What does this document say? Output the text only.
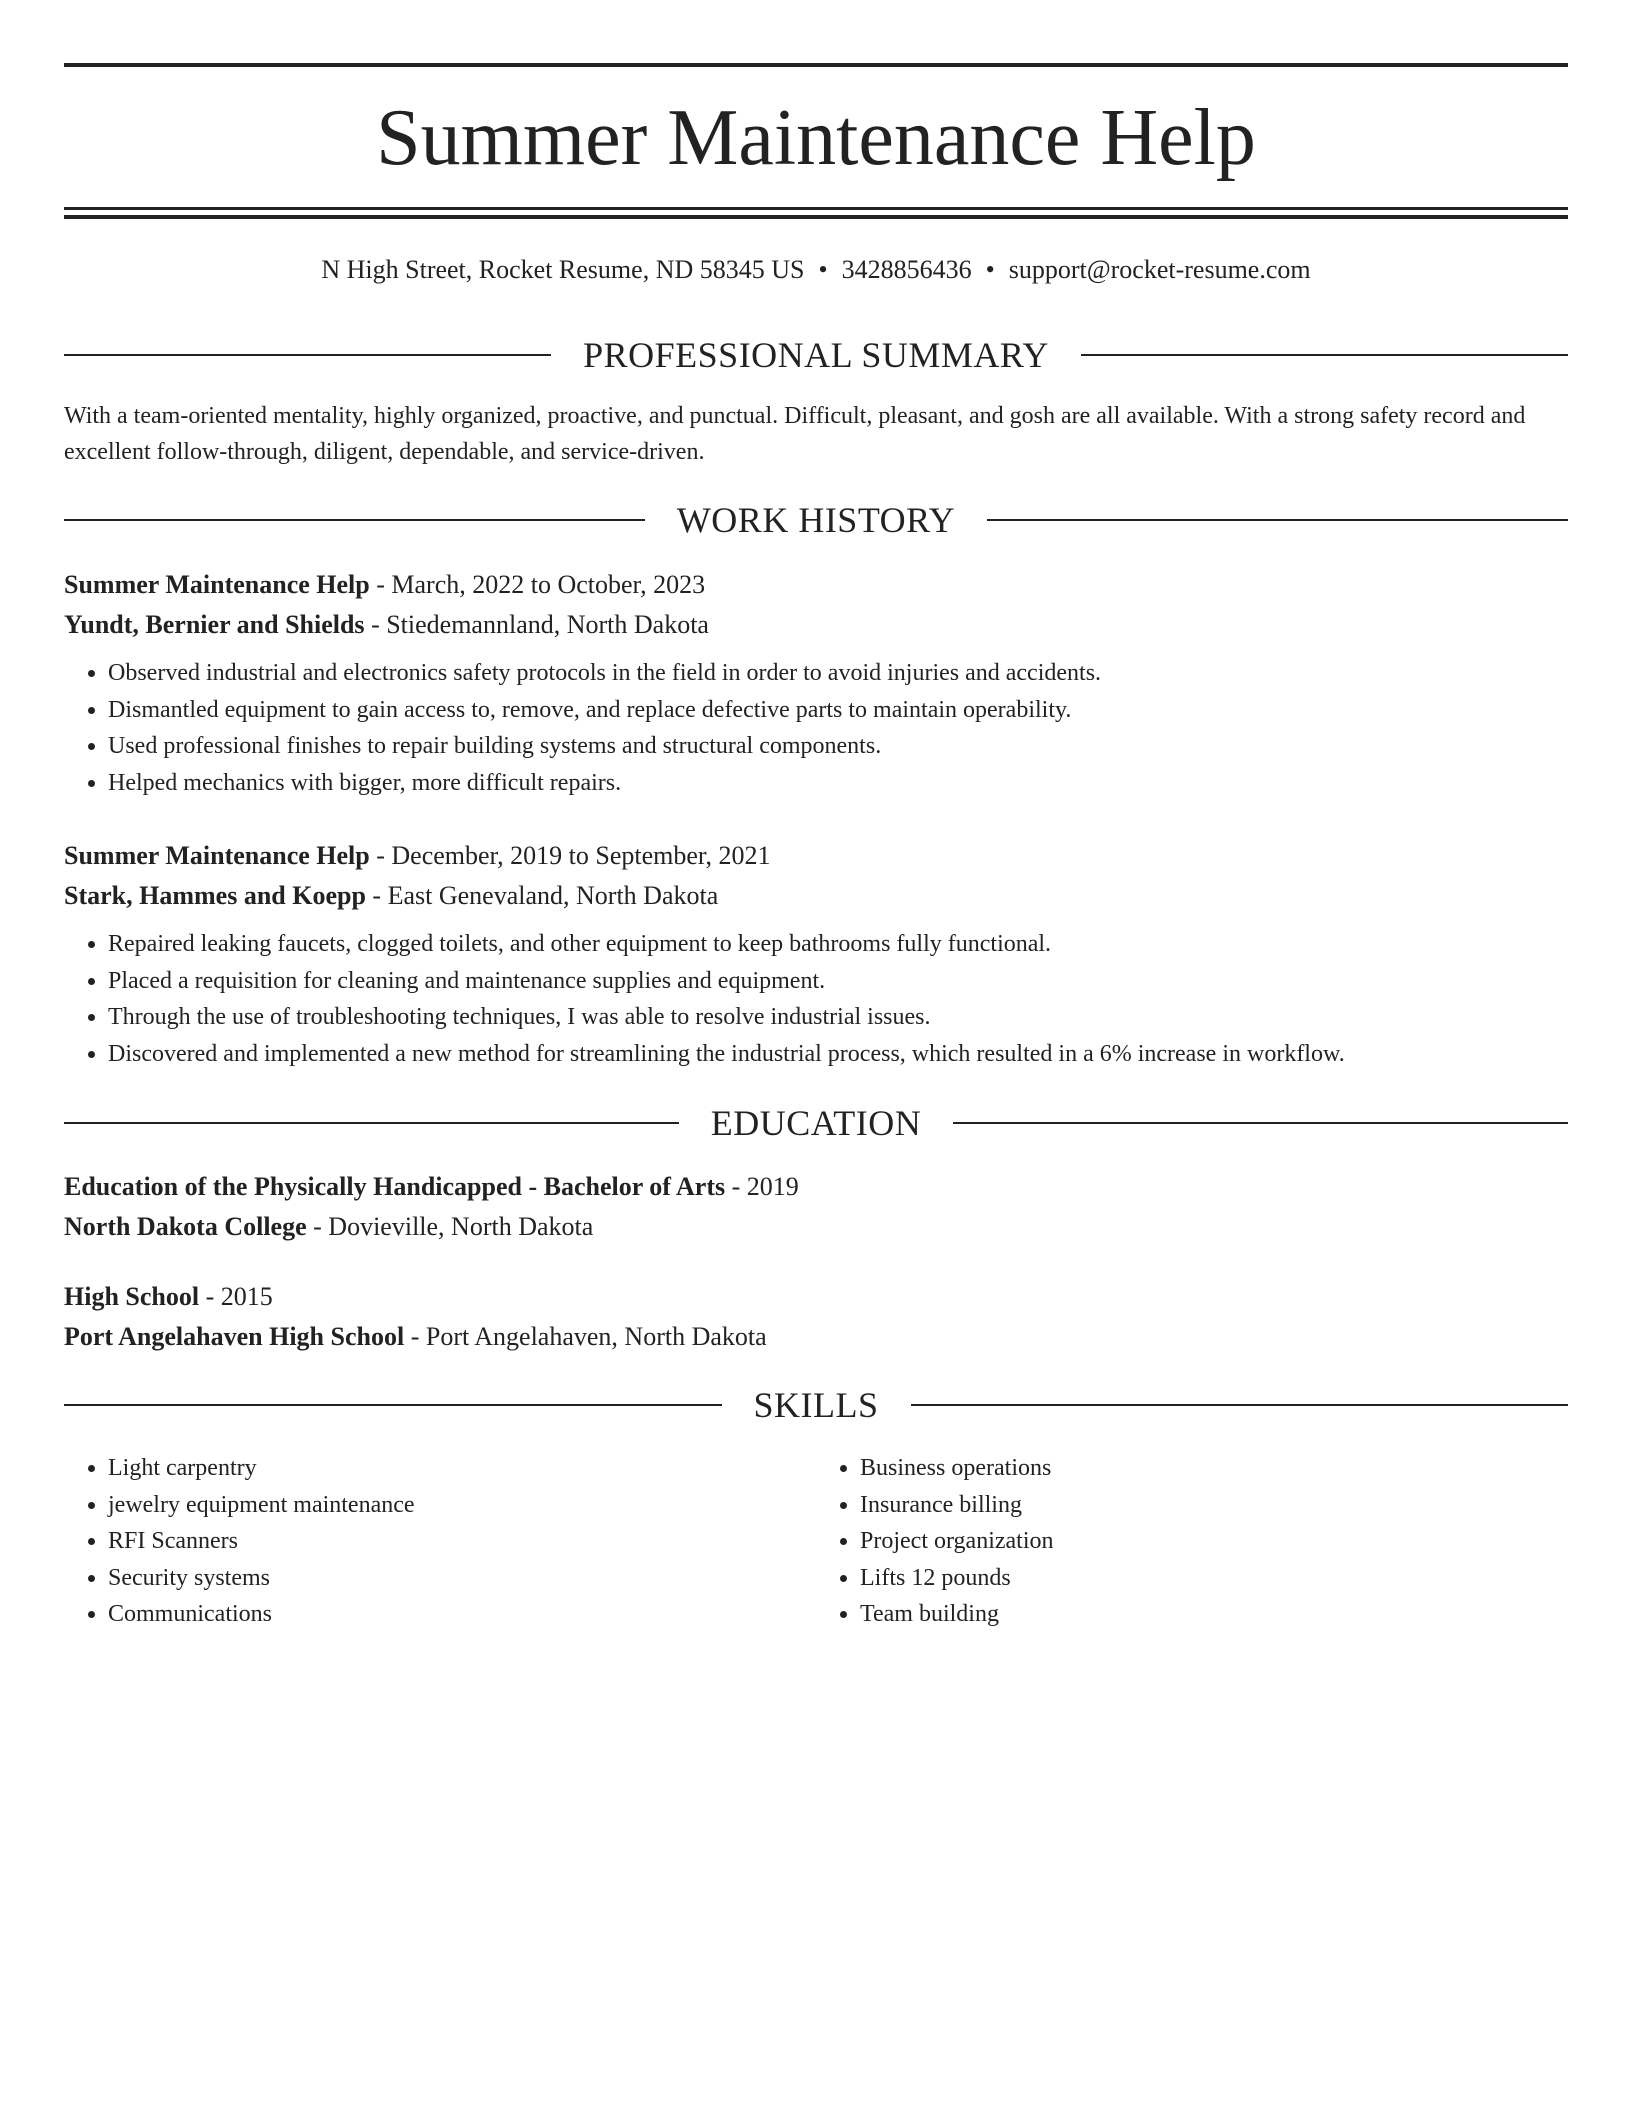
Summer Maintenance Help
N High Street, Rocket Resume, ND 58345 US • 3428856436 • support@rocket-resume.com
PROFESSIONAL SUMMARY

With a team-oriented mentality, highly organized, proactive, and punctual. Difficult, pleasant, and gosh are all available. With a strong safety record and excellent follow-through, diligent, dependable, and service-driven.

WORK HISTORY

Summer Maintenance Help - March, 2022 to October, 2023

Yundt, Bernier and Shields - Stiedemannland, North Dakota

• Observed industrial and electronics safety protocols in the field in order to avoid injuries and accidents.
• Dismantled equipment to gain access to, remove, and replace defective parts to maintain operability.
• Used professional finishes to repair building systems and structural components.
• Helped mechanics with bigger, more difficult repairs.

Summer Maintenance Help - December, 2019 to September, 2021

Stark, Hammes and Koepp - East Genevaland, North Dakota

• Repaired leaking faucets, clogged toilets, and other equipment to keep bathrooms fully functional.
• Placed a requisition for cleaning and maintenance supplies and equipment.
• Through the use of troubleshooting techniques, I was able to resolve industrial issues.
• Discovered and implemented a new method for streamlining the industrial process, which resulted in a 6% increase in workflow.
EDUCATION

Education of the Physically Handicapped - Bachelor of Arts - 2019

North Dakota College - Dovieville, North Dakota

High School - 2015

Port Angelahaven High School - Port Angelahaven, North Dakota

SKILLS
• Light carpentry
• jewelry equipment maintenance
• RFI Scanners
• Security systems
• Communications
• Business operations
• Insurance billing
• Project organization
• Lifts 12 pounds
• Team building
